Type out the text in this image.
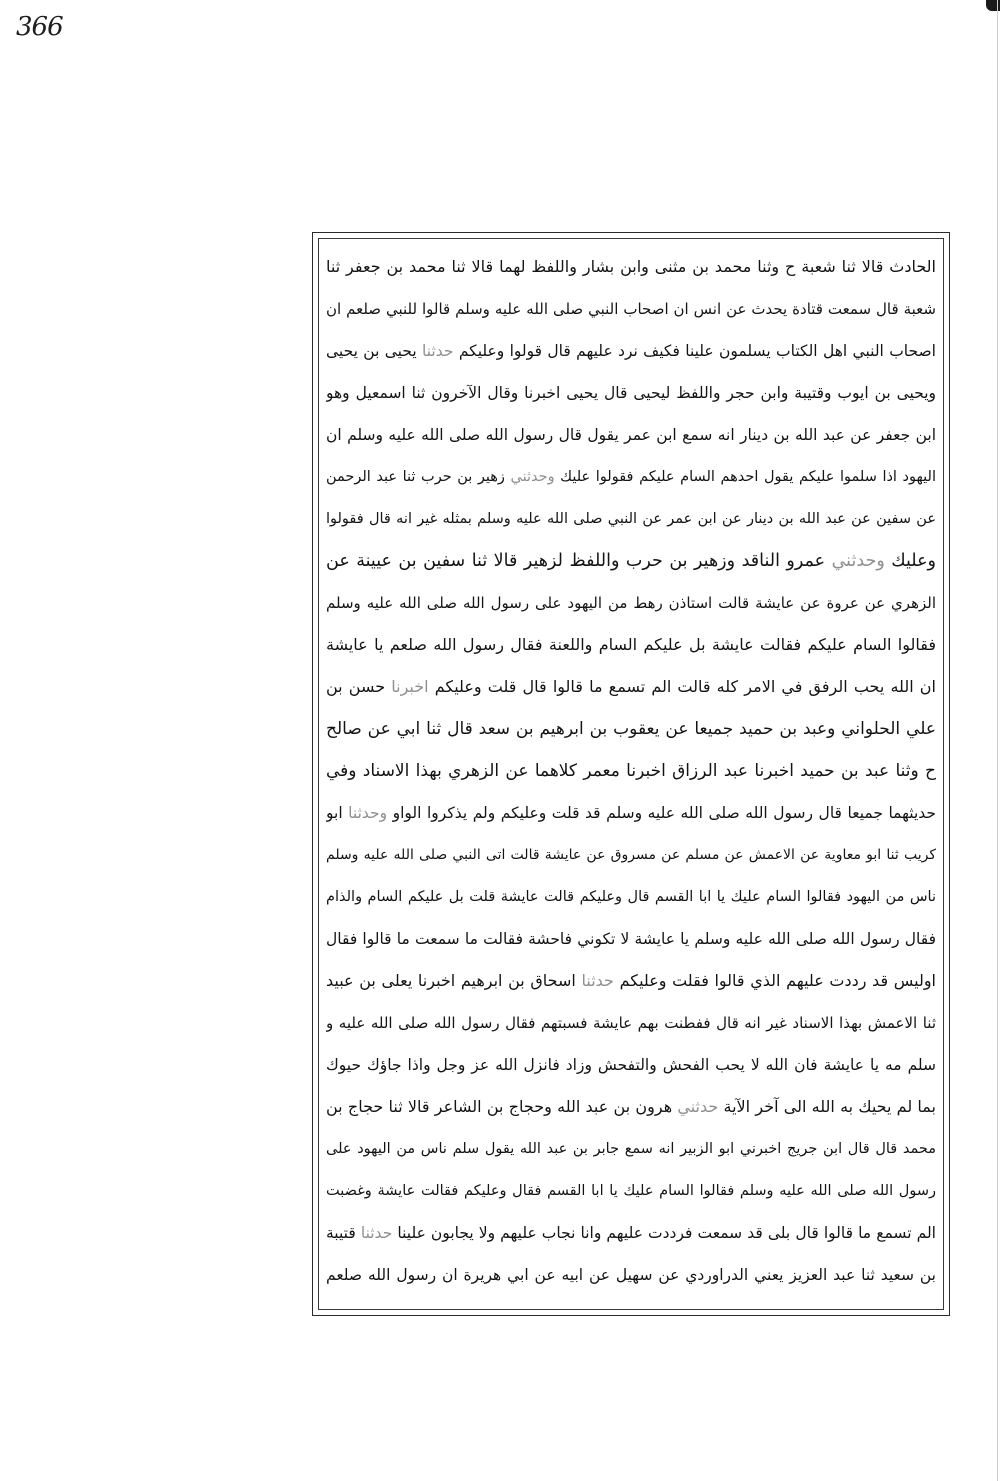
366
الحادث قالا ثنا شعبة ح وثنا محمد بن مثنى وابن بشار واللفظ لهما قالا ثنا محمد بن جعفر ثنا
شعبة قال سمعت قتادة يحدث عن انس ان اصحاب النبي صلى الله عليه وسلم قالوا للنبي صلعم ان
اصحاب النبي اهل الكتاب يسلمون علينا فكيف نرد عليهم قال قولوا وعليكم حدثنا يحيى بن يحيى
ويحيى بن ايوب وقتيبة وابن حجر واللفظ ليحيى قال يحيى اخبرنا وقال الآخرون ثنا اسمعيل وهو
ابن جعفر عن عبد الله بن دينار انه سمع ابن عمر يقول قال رسول الله صلى الله عليه وسلم ان
اليهود اذا سلموا عليكم يقول احدهم السام عليكم فقولوا عليك وحدثني زهير بن حرب ثنا عبد الرحمن
عن سفين عن عبد الله بن دينار عن ابن عمر عن النبي صلى الله عليه وسلم بمثله غير انه قال فقولوا
وعليك وحدثني عمرو الناقد وزهير بن حرب واللفظ لزهير قالا ثنا سفين بن عيينة عن
الزهري عن عروة عن عايشة قالت استاذن رهط من اليهود على رسول الله صلى الله عليه وسلم
فقالوا السام عليكم فقالت عايشة بل عليكم السام واللعنة فقال رسول الله صلعم يا عايشة
ان الله يحب الرفق في الامر كله قالت الم تسمع ما قالوا قال قلت وعليكم اخبرنا حسن بن
علي الحلواني وعبد بن حميد جميعا عن يعقوب بن ابرهيم بن سعد قال ثنا ابي عن صالح
ح وثنا عبد بن حميد اخبرنا عبد الرزاق اخبرنا معمر كلاهما عن الزهري بهذا الاسناد وفي
حديثهما جميعا قال رسول الله صلى الله عليه وسلم قد قلت وعليكم ولم يذكروا الواو وحدثنا ابو
كريب ثنا ابو معاوية عن الاعمش عن مسلم عن مسروق عن عايشة قالت اتى النبي صلى الله عليه وسلم
ناس من اليهود فقالوا السام عليك يا ابا القسم قال وعليكم قالت عايشة قلت بل عليكم السام والذام
فقال رسول الله صلى الله عليه وسلم يا عايشة لا تكوني فاحشة فقالت ما سمعت ما قالوا فقال
اوليس قد رددت عليهم الذي قالوا فقلت وعليكم حدثنا اسحاق بن ابرهيم اخبرنا يعلى بن عبيد
ثنا الاعمش بهذا الاسناد غير انه قال ففطنت بهم عايشة فسبتهم فقال رسول الله صلى الله عليه و
سلم مه يا عايشة فان الله لا يحب الفحش والتفحش وزاد فانزل الله عز وجل واذا جاؤك حيوك
بما لم يحيك به الله الى آخر الآية حدثني هرون بن عبد الله وحجاج بن الشاعر قالا ثنا حجاج بن
محمد قال قال ابن جريج اخبرني ابو الزبير انه سمع جابر بن عبد الله يقول سلم ناس من اليهود على
رسول الله صلى الله عليه وسلم فقالوا السام عليك يا ابا القسم فقال وعليكم فقالت عايشة وغضبت
الم تسمع ما قالوا قال بلى قد سمعت فرددت عليهم وانا نجاب عليهم ولا يجابون علينا حدثنا قتيبة
بن سعيد ثنا عبد العزيز يعني الدراوردي عن سهيل عن ابيه عن ابي هريرة ان رسول الله صلعم
